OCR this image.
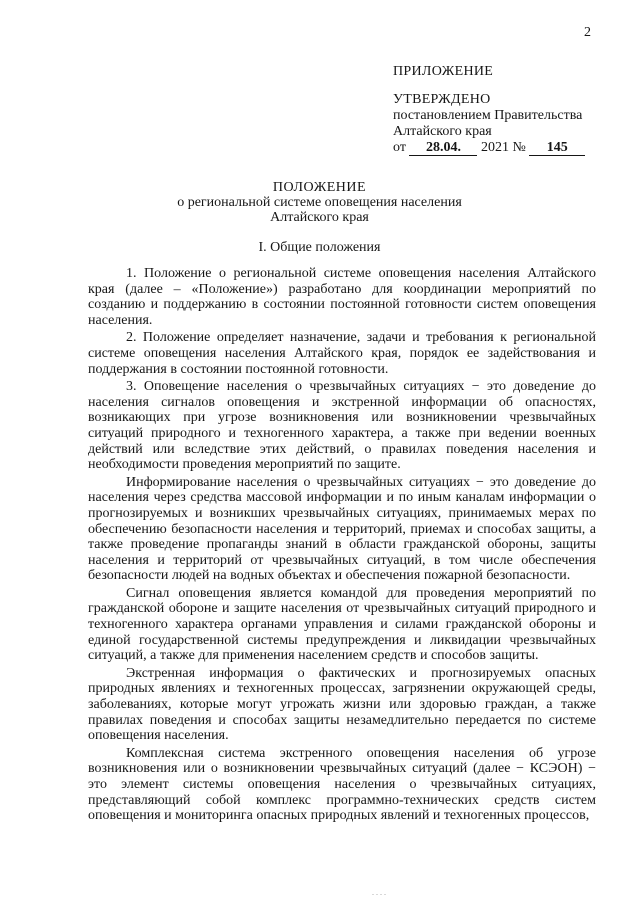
2
ПРИЛОЖЕНИЕ
УТВЕРЖДЕНО
постановлением Правительства
Алтайского края
от 28.04. 2021 № 145
ПОЛОЖЕНИЕ
о региональной системе оповещения населения
Алтайского края
I. Общие положения

1. Положение о региональной системе оповещения населения Алтайского края (далее – «Положение») разработано для координации мероприятий по созданию и поддержанию в состоянии постоянной готовности систем оповещения населения.

2. Положение определяет назначение, задачи и требования к региональной системе оповещения населения Алтайского края, порядок ее задействования и поддержания в состоянии постоянной готовности.

3. Оповещение населения о чрезвычайных ситуациях − это доведение до населения сигналов оповещения и экстренной информации об опасностях, возникающих при угрозе возникновения или возникновении чрезвычайных ситуаций природного и техногенного характера, а также при ведении военных действий или вследствие этих действий, о правилах поведения населения и необходимости проведения мероприятий по защите.

Информирование населения о чрезвычайных ситуациях − это доведение до населения через средства массовой информации и по иным каналам информации о прогнозируемых и возникших чрезвычайных ситуациях, принимаемых мерах по обеспечению безопасности населения и территорий, приемах и способах защиты, а также проведение пропаганды знаний в области гражданской обороны, защиты населения и территорий от чрезвычайных ситуаций, в том числе обеспечения безопасности людей на водных объектах и обеспечения пожарной безопасности.

Сигнал оповещения является командой для проведения мероприятий по гражданской обороне и защите населения от чрезвычайных ситуаций природного и техногенного характера органами управления и силами гражданской обороны и единой государственной системы предупреждения и ликвидации чрезвычайных ситуаций, а также для применения населением средств и способов защиты.

Экстренная информация о фактических и прогнозируемых опасных природных явлениях и техногенных процессах, загрязнении окружающей среды, заболеваниях, которые могут угрожать жизни или здоровью граждан, а также правилах поведения и способах защиты незамедлительно передается по системе оповещения населения.

Комплексная система экстренного оповещения населения об угрозе возникновения или о возникновении чрезвычайных ситуаций (далее − КСЭОН) − это элемент системы оповещения населения о чрезвычайных ситуациях, представляющий собой комплекс программно-технических средств систем оповещения и мониторинга опасных природных явлений и техногенных процессов,

. . . .
